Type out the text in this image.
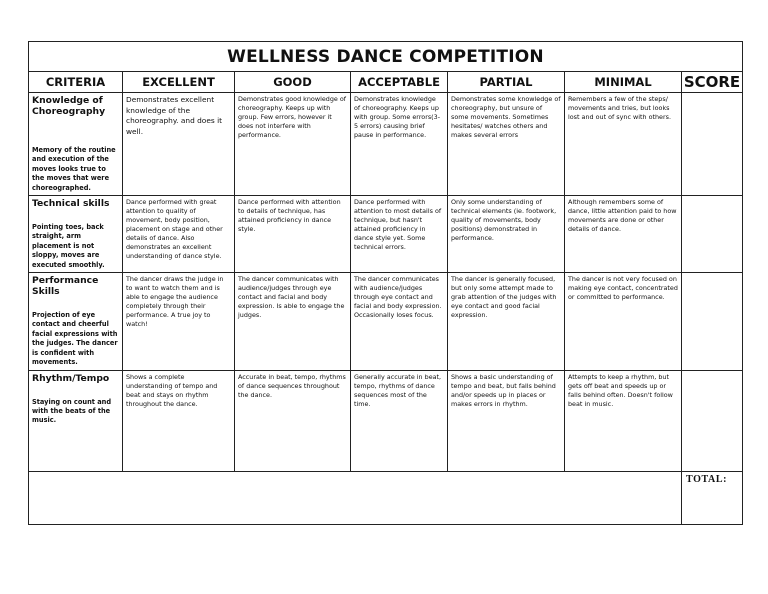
WELLNESS DANCE COMPETITION						
CRITERIA	EXCELLENT	GOOD	ACCEPTABLE	PARTIAL	MINIMAL	SCORE

Knowledge of Choreography
Memory of the routine and execution of the moves looks true to the moves that were choreographed.	Demonstrates excellent knowledge of the choreography. and does it well.	Demonstrates good knowledge of choreography. Keeps up with group. Few errors, however it does not interfere with performance.	Demonstrates knowledge of choreography. Keeps up with group. Some errors(3-5 errors) causing brief pause in performance.	Demonstrates some knowledge of choreography, but unsure of some movements. Sometimes hesitates/ watches others and makes several errors	Remembers a few of the steps/ movements and tries, but looks lost and out of sync with others.	

Technical skills
Pointing toes, back straight, arm placement is not sloppy, moves are executed smoothly.	Dance performed with great attention to quality of movement, body position, placement on stage and other details of dance. Also demonstrates an excellent understanding of dance style.	Dance performed with attention to details of technique, has attained proficiency in dance style.	Dance performed with attention to most details of technique, but hasn't attained proficiency in dance style yet. Some technical errors.	Only some understanding of technical elements (ie. footwork, quality of movements, body positions) demonstrated in performance.	Although remembers some of dance, little attention paid to how movements are done or other details of dance.	

Performance Skills
Projection of eye contact and cheerful facial expressions with the judges. The dancer is confident with movements.	The dancer draws the judge in to want to watch them and is able to engage the audience completely through their performance. A true joy to watch!	The dancer communicates with audience/judges through eye contact and facial and body expression. Is able to engage the judges.	The dancer communicates with audience/judges through eye contact and facial and body expression. Occasionally loses focus.	The dancer is generally focused, but only some attempt made to grab attention of the judges with eye contact and good facial expression.	The dancer is not very focused on making eye contact, concentrated or committed to performance.	

Rhythm/Tempo
Staying on count and with the beats of the music.	Shows a complete understanding of tempo and beat and stays on rhythm throughout the dance.	Accurate in beat, tempo, rhythms of dance sequences throughout the dance.	Generally accurate in beat, tempo, rhythms of dance sequences most of the time.	Shows a basic understanding of tempo and beat, but falls behind and/or speeds up in places or makes errors in rhythm.	Attempts to keep a rhythm, but gets off beat and speeds up or falls behind often. Doesn't follow beat in music.	
						TOTAL:
